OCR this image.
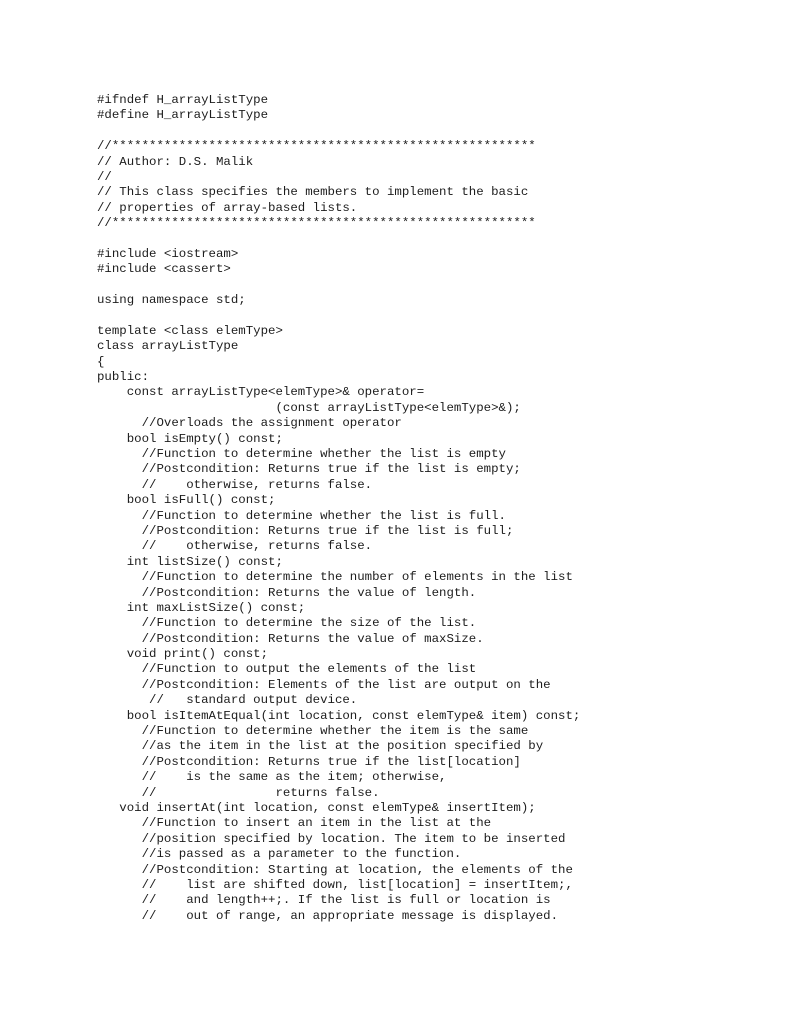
#ifndef H_arrayListType
#define H_arrayListType
//*********************************************************
// Author: D.S. Malik
//
// This class specifies the members to implement the basic
// properties of array-based lists.
//*********************************************************
#include <iostream>
#include <cassert>
using namespace std;
template <class elemType>
class arrayListType
{
public:
const arrayListType<elemType>& operator=
(const arrayListType<elemType>&);
//Overloads the assignment operator
bool isEmpty() const;
//Function to determine whether the list is empty
//Postcondition: Returns true if the list is empty;
//    otherwise, returns false.
bool isFull() const;
//Function to determine whether the list is full.
//Postcondition: Returns true if the list is full;
//    otherwise, returns false.
int listSize() const;
//Function to determine the number of elements in the list
//Postcondition: Returns the value of length.
int maxListSize() const;
//Function to determine the size of the list.
//Postcondition: Returns the value of maxSize.
void print() const;
//Function to output the elements of the list
//Postcondition: Elements of the list are output on the
//   standard output device.
bool isItemAtEqual(int location, const elemType& item) const;
//Function to determine whether the item is the same
//as the item in the list at the position specified by
//Postcondition: Returns true if the list[location]
//    is the same as the item; otherwise,
//                returns false.
void insertAt(int location, const elemType& insertItem);
//Function to insert an item in the list at the
//position specified by location. The item to be inserted
//is passed as a parameter to the function.
//Postcondition: Starting at location, the elements of the
//    list are shifted down, list[location] = insertItem;,
//    and length++;. If the list is full or location is
//    out of range, an appropriate message is displayed.
